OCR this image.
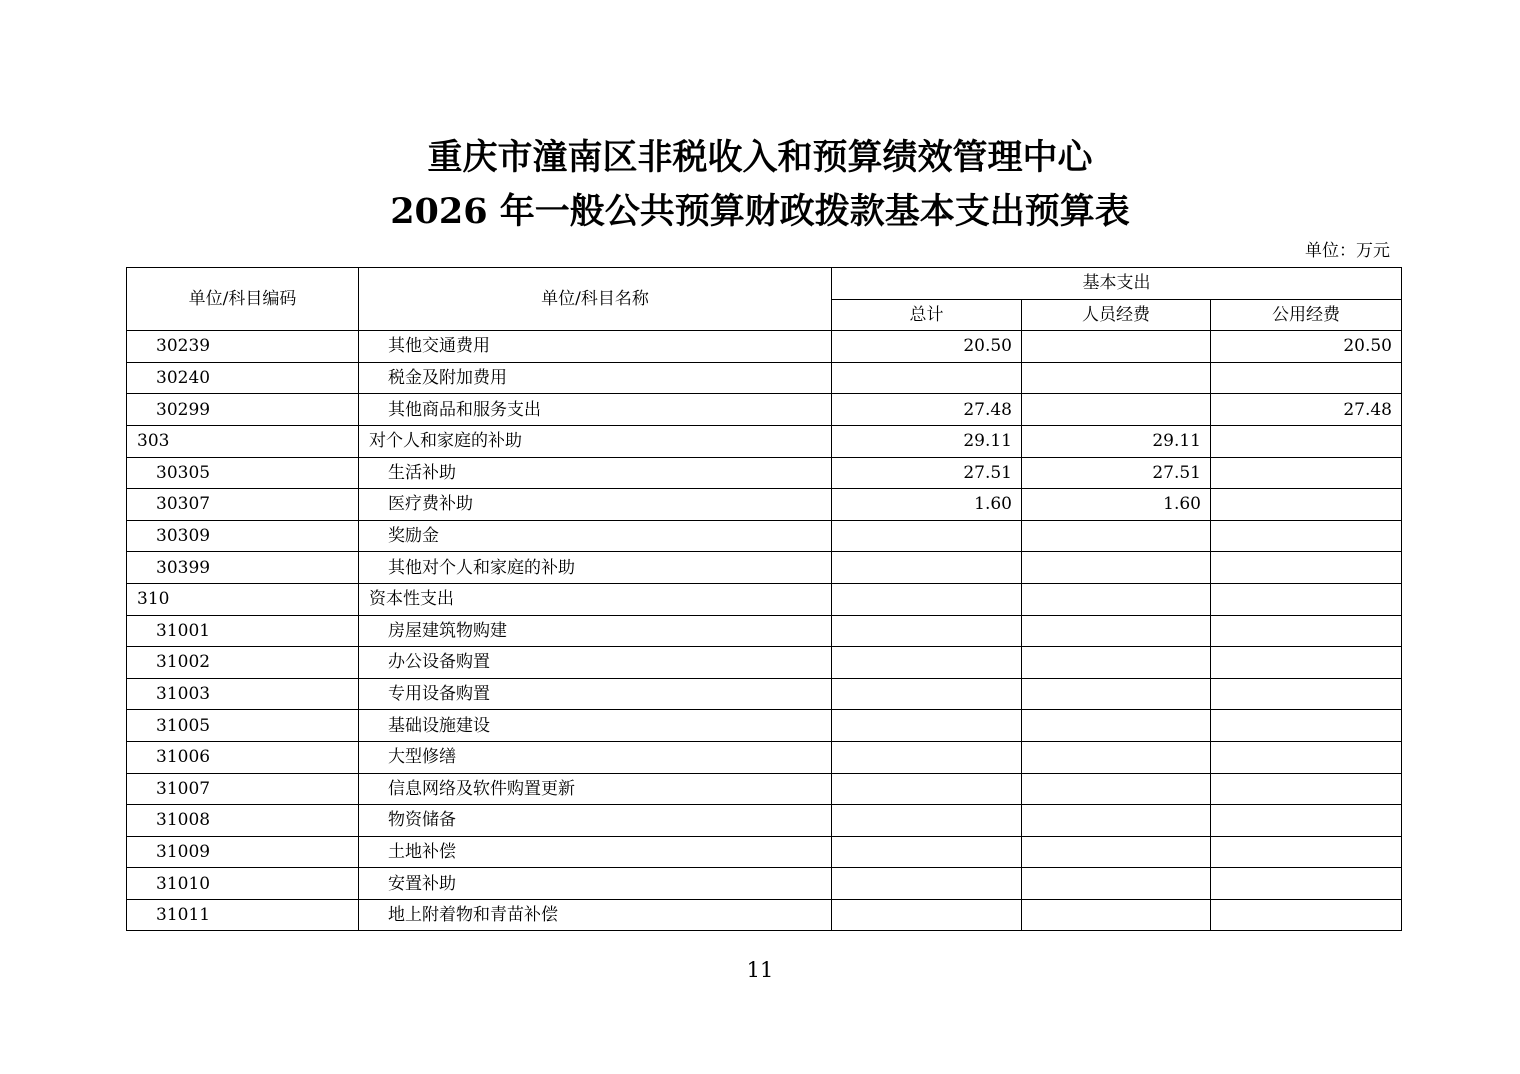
重庆市潼南区非税收入和预算绩效管理中心
2026 年一般公共预算财政拨款基本支出预算表
单位：万元
单位/科目编码	单位/科目名称	基本支出		
		总计	人员经费	公用经费
30239	其他交通费用	20.50		20.50
30240	税金及附加费用			
30299	其他商品和服务支出	27.48		27.48
303	对个人和家庭的补助	29.11	29.11	
30305	生活补助	27.51	27.51	
30307	医疗费补助	1.60	1.60	
30309	奖励金			
30399	其他对个人和家庭的补助			
310	资本性支出			
31001	房屋建筑物购建			
31002	办公设备购置			
31003	专用设备购置			
31005	基础设施建设			
31006	大型修缮			
31007	信息网络及软件购置更新			
31008	物资储备			
31009	土地补偿			
31010	安置补助			
31011	地上附着物和青苗补偿			
11
